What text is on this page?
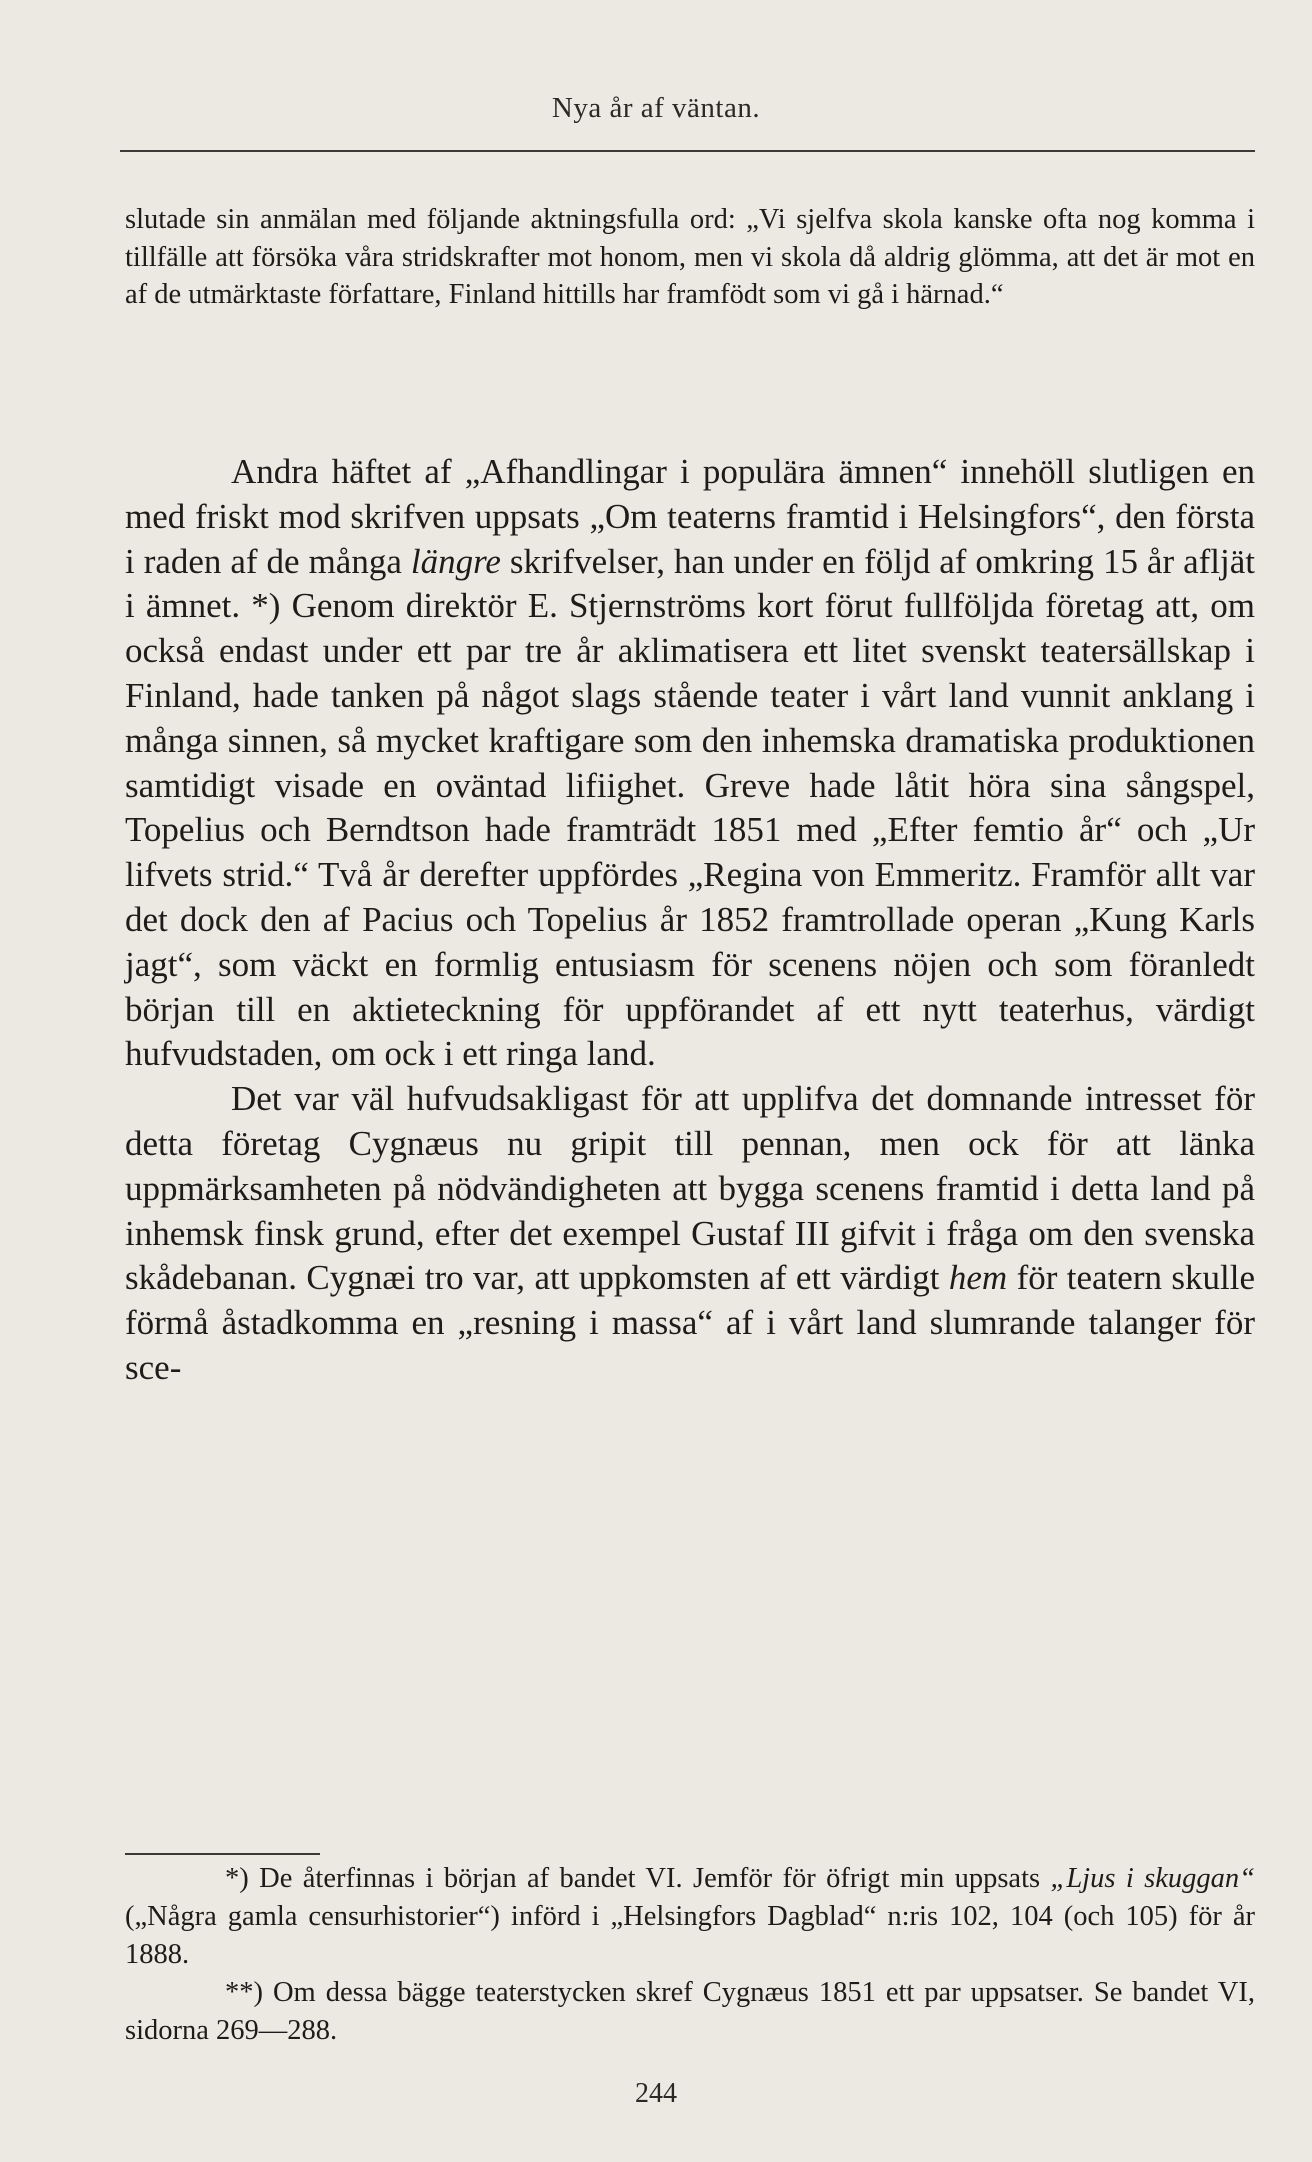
Nya år af väntan.

slutade sin anmälan med följande aktningsfulla ord: „Vi sjelfva skola kanske ofta nog komma i tillfälle att försöka våra stridskrafter mot honom, men vi skola då aldrig glömma, att det är mot en af de utmärktaste författare, Finland hittills har framfödt som vi gå i härnad.“

Andra häftet af „Afhandlingar i populära ämnen“ innehöll slutligen en med friskt mod skrifven uppsats „Om teaterns framtid i Helsingfors“, den första i raden af de många längre skrifvelser, han under en följd af omkring 15 år afljät i ämnet. *) Genom direktör E. Stjernströms kort förut fullföljda företag att, om också endast under ett par tre år aklimatisera ett litet svenskt teatersällskap i Finland, hade tanken på något slags stående teater i vårt land vunnit anklang i många sinnen, så mycket kraftigare som den inhemska dramatiska produktionen samtidigt visade en oväntad lifiighet. Greve hade låtit höra sina sångspel, Topelius och Berndtson hade framträdt 1851 med „Efter femtio år“ och „Ur lifvets strid.“ Två år derefter uppfördes „Regina von Emmeritz. Framför allt var det dock den af Pacius och Topelius år 1852 framtrollade operan „Kung Karls jagt“, som väckt en formlig entusiasm för scenens nöjen och som föranledt början till en aktieteckning för uppförandet af ett nytt teaterhus, värdigt hufvudstaden, om ock i ett ringa land.

Det var väl hufvudsakligast för att upplifva det domnande intresset för detta företag Cygnæus nu gripit till pennan, men ock för att länka uppmärksamheten på nödvändigheten att bygga scenens framtid i detta land på inhemsk finsk grund, efter det exempel Gustaf III gifvit i fråga om den svenska skådebanan. Cygnæi tro var, att uppkomsten af ett värdigt hem för teatern skulle förmå åstadkomma en „resning i massa“ af i vårt land slumrande talanger för sce-

*) De återfinnas i början af bandet VI. Jemför för öfrigt min uppsats „Ljus i skuggan“ („Några gamla censurhistorier“) införd i „Helsingfors Dagblad“ n:ris 102, 104 (och 105) för år 1888.

**) Om dessa bägge teaterstycken skref Cygnæus 1851 ett par uppsatser. Se bandet VI, sidorna 269—288.

244
